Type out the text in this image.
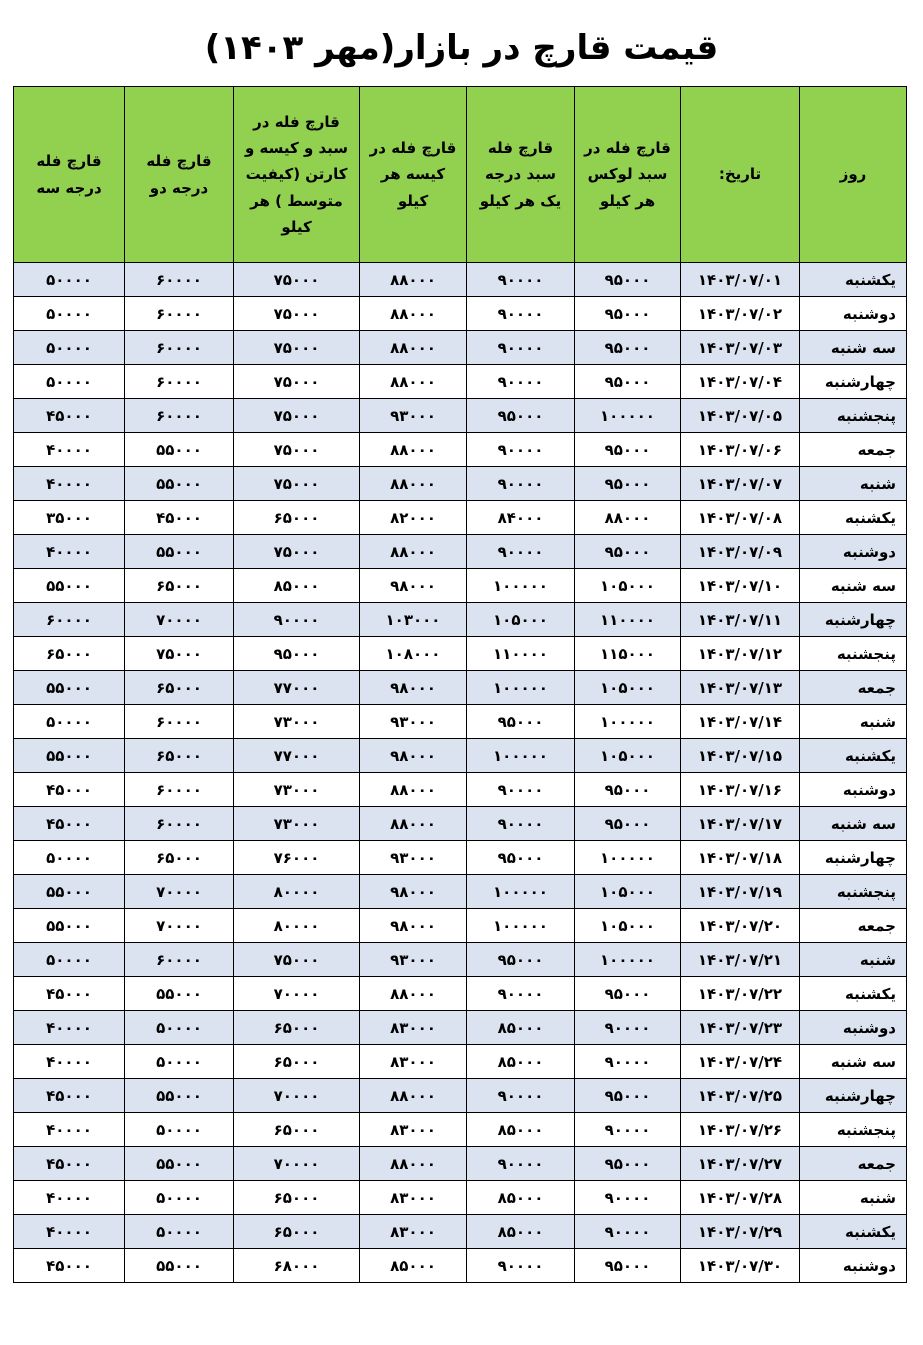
قیمت قارچ در بازار(مهر ۱۴۰۳)
روز	تاریخ:	قارچ فله در سبد لوکس هر کیلو	قارچ فله سبد درجه یک هر کیلو	قارچ فله در کیسه هر کیلو	قارچ فله در سبد و کیسه و کارتن (کیفیت متوسط ) هر کیلو	قارچ فله درجه دو	قارچ فله درجه سه
یکشنبه	۱۴۰۳/۰۷/۰۱	۹۵۰۰۰	۹۰۰۰۰	۸۸۰۰۰	۷۵۰۰۰	۶۰۰۰۰	۵۰۰۰۰
دوشنبه	۱۴۰۳/۰۷/۰۲	۹۵۰۰۰	۹۰۰۰۰	۸۸۰۰۰	۷۵۰۰۰	۶۰۰۰۰	۵۰۰۰۰
سه شنبه	۱۴۰۳/۰۷/۰۳	۹۵۰۰۰	۹۰۰۰۰	۸۸۰۰۰	۷۵۰۰۰	۶۰۰۰۰	۵۰۰۰۰
چهارشنبه	۱۴۰۳/۰۷/۰۴	۹۵۰۰۰	۹۰۰۰۰	۸۸۰۰۰	۷۵۰۰۰	۶۰۰۰۰	۵۰۰۰۰
پنجشنبه	۱۴۰۳/۰۷/۰۵	۱۰۰۰۰۰	۹۵۰۰۰	۹۳۰۰۰	۷۵۰۰۰	۶۰۰۰۰	۴۵۰۰۰
جمعه	۱۴۰۳/۰۷/۰۶	۹۵۰۰۰	۹۰۰۰۰	۸۸۰۰۰	۷۵۰۰۰	۵۵۰۰۰	۴۰۰۰۰
شنبه	۱۴۰۳/۰۷/۰۷	۹۵۰۰۰	۹۰۰۰۰	۸۸۰۰۰	۷۵۰۰۰	۵۵۰۰۰	۴۰۰۰۰
یکشنبه	۱۴۰۳/۰۷/۰۸	۸۸۰۰۰	۸۴۰۰۰	۸۲۰۰۰	۶۵۰۰۰	۴۵۰۰۰	۳۵۰۰۰
دوشنبه	۱۴۰۳/۰۷/۰۹	۹۵۰۰۰	۹۰۰۰۰	۸۸۰۰۰	۷۵۰۰۰	۵۵۰۰۰	۴۰۰۰۰
سه شنبه	۱۴۰۳/۰۷/۱۰	۱۰۵۰۰۰	۱۰۰۰۰۰	۹۸۰۰۰	۸۵۰۰۰	۶۵۰۰۰	۵۵۰۰۰
چهارشنبه	۱۴۰۳/۰۷/۱۱	۱۱۰۰۰۰	۱۰۵۰۰۰	۱۰۳۰۰۰	۹۰۰۰۰	۷۰۰۰۰	۶۰۰۰۰
پنجشنبه	۱۴۰۳/۰۷/۱۲	۱۱۵۰۰۰	۱۱۰۰۰۰	۱۰۸۰۰۰	۹۵۰۰۰	۷۵۰۰۰	۶۵۰۰۰
جمعه	۱۴۰۳/۰۷/۱۳	۱۰۵۰۰۰	۱۰۰۰۰۰	۹۸۰۰۰	۷۷۰۰۰	۶۵۰۰۰	۵۵۰۰۰
شنبه	۱۴۰۳/۰۷/۱۴	۱۰۰۰۰۰	۹۵۰۰۰	۹۳۰۰۰	۷۳۰۰۰	۶۰۰۰۰	۵۰۰۰۰
یکشنبه	۱۴۰۳/۰۷/۱۵	۱۰۵۰۰۰	۱۰۰۰۰۰	۹۸۰۰۰	۷۷۰۰۰	۶۵۰۰۰	۵۵۰۰۰
دوشنبه	۱۴۰۳/۰۷/۱۶	۹۵۰۰۰	۹۰۰۰۰	۸۸۰۰۰	۷۳۰۰۰	۶۰۰۰۰	۴۵۰۰۰
سه شنبه	۱۴۰۳/۰۷/۱۷	۹۵۰۰۰	۹۰۰۰۰	۸۸۰۰۰	۷۳۰۰۰	۶۰۰۰۰	۴۵۰۰۰
چهارشنبه	۱۴۰۳/۰۷/۱۸	۱۰۰۰۰۰	۹۵۰۰۰	۹۳۰۰۰	۷۶۰۰۰	۶۵۰۰۰	۵۰۰۰۰
پنجشنبه	۱۴۰۳/۰۷/۱۹	۱۰۵۰۰۰	۱۰۰۰۰۰	۹۸۰۰۰	۸۰۰۰۰	۷۰۰۰۰	۵۵۰۰۰
جمعه	۱۴۰۳/۰۷/۲۰	۱۰۵۰۰۰	۱۰۰۰۰۰	۹۸۰۰۰	۸۰۰۰۰	۷۰۰۰۰	۵۵۰۰۰
شنبه	۱۴۰۳/۰۷/۲۱	۱۰۰۰۰۰	۹۵۰۰۰	۹۳۰۰۰	۷۵۰۰۰	۶۰۰۰۰	۵۰۰۰۰
یکشنبه	۱۴۰۳/۰۷/۲۲	۹۵۰۰۰	۹۰۰۰۰	۸۸۰۰۰	۷۰۰۰۰	۵۵۰۰۰	۴۵۰۰۰
دوشنبه	۱۴۰۳/۰۷/۲۳	۹۰۰۰۰	۸۵۰۰۰	۸۳۰۰۰	۶۵۰۰۰	۵۰۰۰۰	۴۰۰۰۰
سه شنبه	۱۴۰۳/۰۷/۲۴	۹۰۰۰۰	۸۵۰۰۰	۸۳۰۰۰	۶۵۰۰۰	۵۰۰۰۰	۴۰۰۰۰
چهارشنبه	۱۴۰۳/۰۷/۲۵	۹۵۰۰۰	۹۰۰۰۰	۸۸۰۰۰	۷۰۰۰۰	۵۵۰۰۰	۴۵۰۰۰
پنجشنبه	۱۴۰۳/۰۷/۲۶	۹۰۰۰۰	۸۵۰۰۰	۸۳۰۰۰	۶۵۰۰۰	۵۰۰۰۰	۴۰۰۰۰
جمعه	۱۴۰۳/۰۷/۲۷	۹۵۰۰۰	۹۰۰۰۰	۸۸۰۰۰	۷۰۰۰۰	۵۵۰۰۰	۴۵۰۰۰
شنبه	۱۴۰۳/۰۷/۲۸	۹۰۰۰۰	۸۵۰۰۰	۸۳۰۰۰	۶۵۰۰۰	۵۰۰۰۰	۴۰۰۰۰
یکشنبه	۱۴۰۳/۰۷/۲۹	۹۰۰۰۰	۸۵۰۰۰	۸۳۰۰۰	۶۵۰۰۰	۵۰۰۰۰	۴۰۰۰۰
دوشنبه	۱۴۰۳/۰۷/۳۰	۹۵۰۰۰	۹۰۰۰۰	۸۵۰۰۰	۶۸۰۰۰	۵۵۰۰۰	۴۵۰۰۰
